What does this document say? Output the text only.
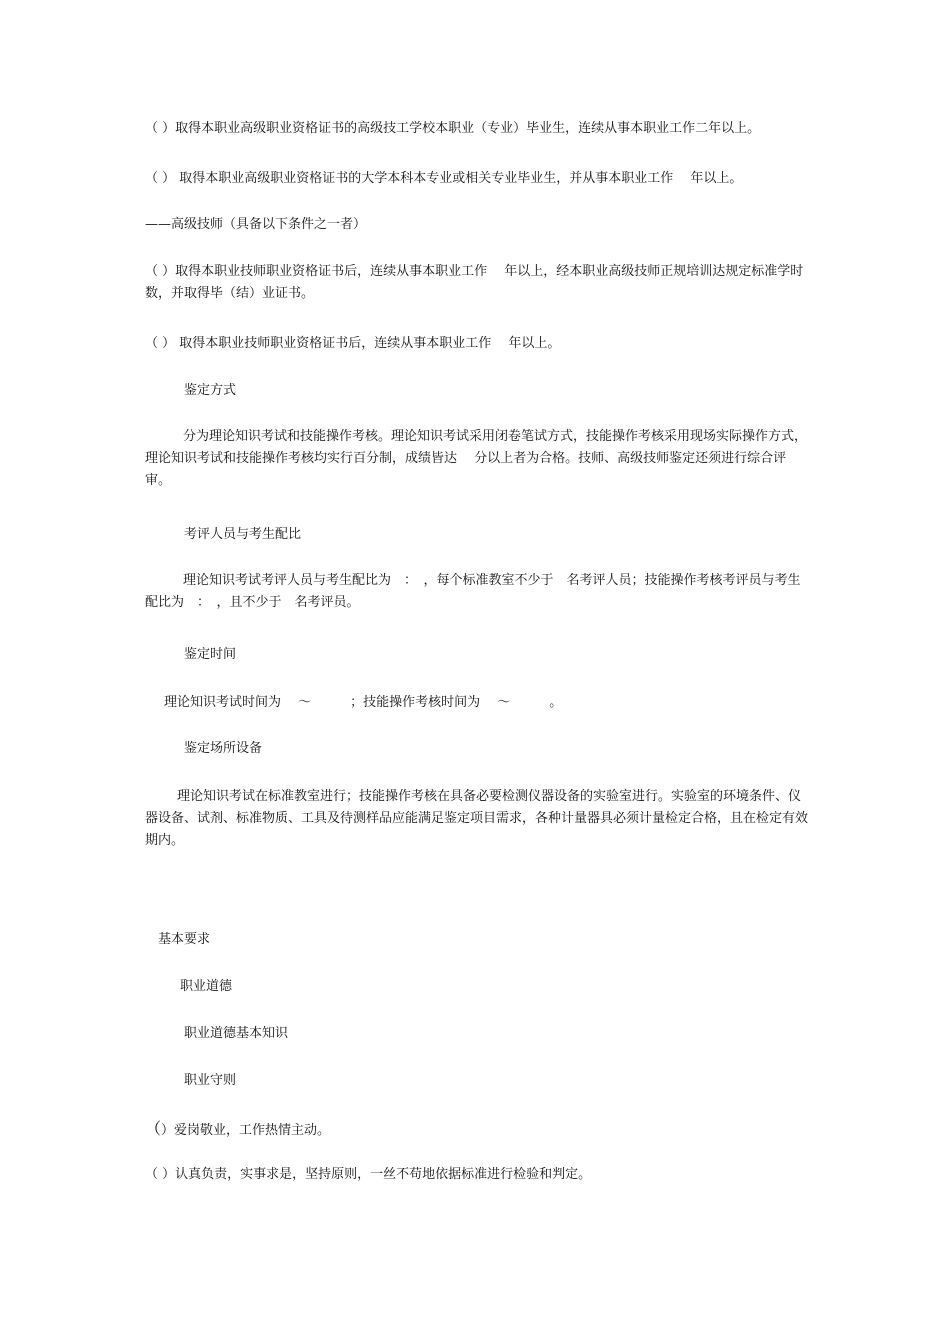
（ ）取得本职业高级职业资格证书的高级技工学校本职业（专业）毕业生，连续从事本职业工作二年以上。
（ ） 取得本职业高级职业资格证书的大学本科本专业或相关专业毕业生，并从事本职业工作　 年以上。
——高级技师（具备以下条件之一者）
（ ）取得本职业技师职业资格证书后，连续从事本职业工作　 年以上，经本职业高级技师正规培训达规定标准学时数，并取得毕（结）业证书。
（ ） 取得本职业技师职业资格证书后，连续从事本职业工作　 年以上。
鉴定方式
分为理论知识考试和技能操作考核。理论知识考试采用闭卷笔试方式，技能操作考核采用现场实际操作方式，理论知识考试和技能操作考核均实行百分制，成绩皆达　 分以上者为合格。技师、高级技师鉴定还须进行综合评审。
考评人员与考生配比
理论知识考试考评人员与考生配比为　：　，每个标准教室不少于　名考评人员；技能操作考核考评员与考生配比为　：　，且不少于　名考评员。
鉴定时间
理论知识考试时间为　 ～　　　；技能操作考核时间为　 ～　　　。
鉴定场所设备
理论知识考试在标准教室进行；技能操作考核在具备必要检测仪器设备的实验室进行。实验室的环境条件、仪器设备、试剂、标准物质、工具及待测样品应能满足鉴定项目需求，各种计量器具必须计量检定合格，且在检定有效期内。
基本要求
职业道德
职业道德基本知识
职业守则
（）爱岗敬业，工作热情主动。
（ ）认真负责，实事求是，坚持原则，一丝不苟地依据标准进行检验和判定。
